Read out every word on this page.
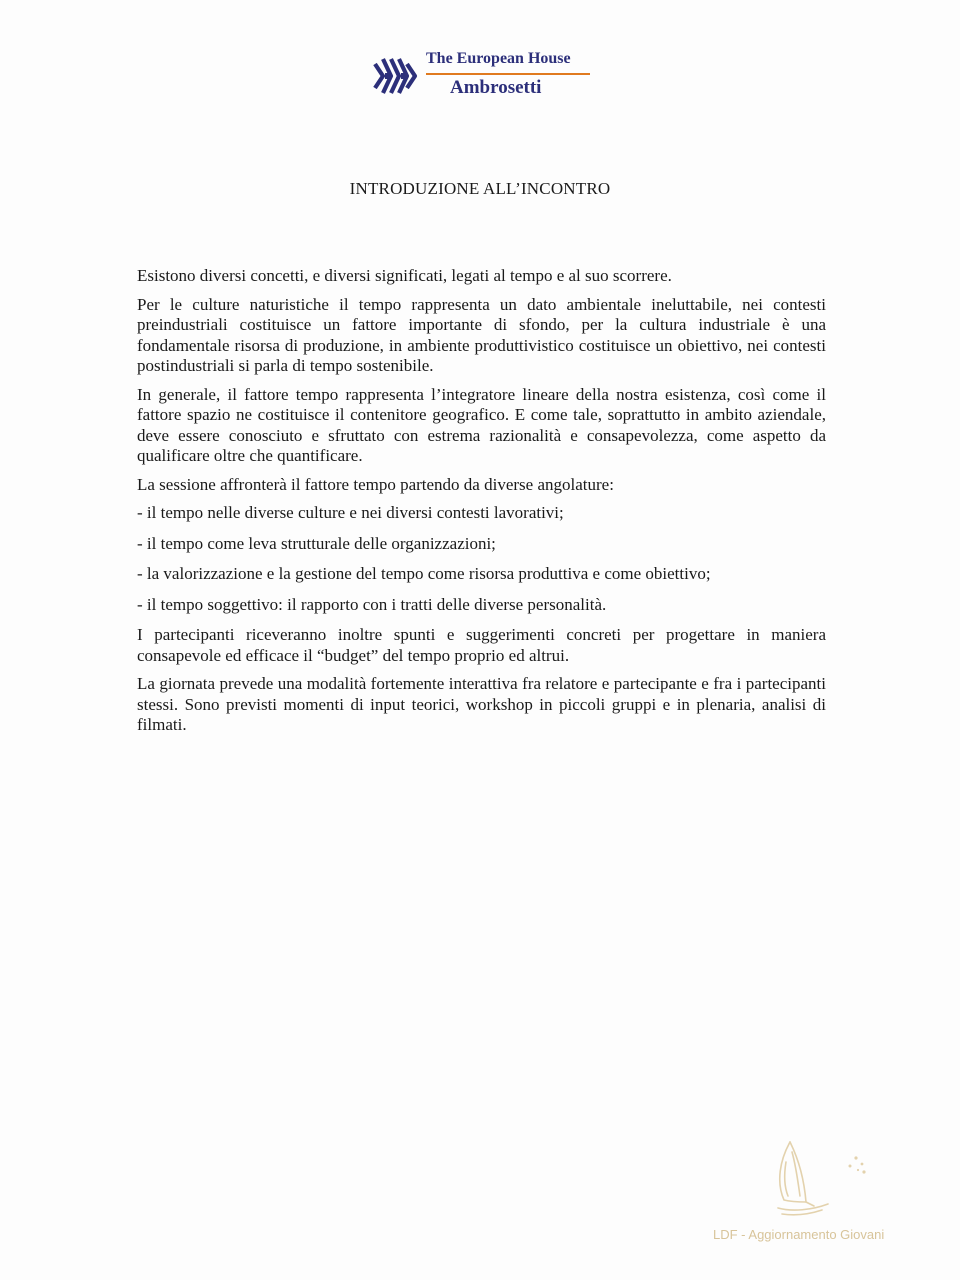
The European House
Ambrosetti
INTRODUZIONE ALL’INCONTRO

Esistono diversi concetti, e diversi significati, legati al tempo e al suo scorrere.

Per le culture naturistiche il tempo rappresenta un dato ambientale ineluttabile, nei contesti preindustriali costituisce un fattore importante di sfondo, per la cultura industriale è una fondamentale risorsa di produzione, in ambiente produttivistico costituisce un obiettivo, nei contesti postindustriali si parla di tempo sostenibile.

In generale, il fattore tempo rappresenta l’integratore lineare della nostra esistenza, così come il fattore spazio ne costituisce il contenitore geografico. E come tale, soprattutto in ambito aziendale, deve essere conosciuto e sfruttato con estrema razionalità e consapevolezza, come aspetto da qualificare oltre che quantificare.

La sessione affronterà il fattore tempo partendo da diverse angolature:

- il tempo nelle diverse culture e nei diversi contesti lavorativi;

- il tempo come leva strutturale delle organizzazioni;

- la valorizzazione e la gestione del tempo come risorsa produttiva e come obiettivo;

- il tempo soggettivo: il rapporto con i tratti delle diverse personalità.

I partecipanti riceveranno inoltre spunti e suggerimenti concreti per progettare in maniera consapevole ed efficace il “budget” del tempo proprio ed altrui.

La giornata prevede una modalità fortemente interattiva fra relatore e partecipante e fra i partecipanti stessi. Sono previsti momenti di input teorici, workshop in piccoli gruppi e in plenaria, analisi di filmati.

LDF - Aggiornamento Giovani
